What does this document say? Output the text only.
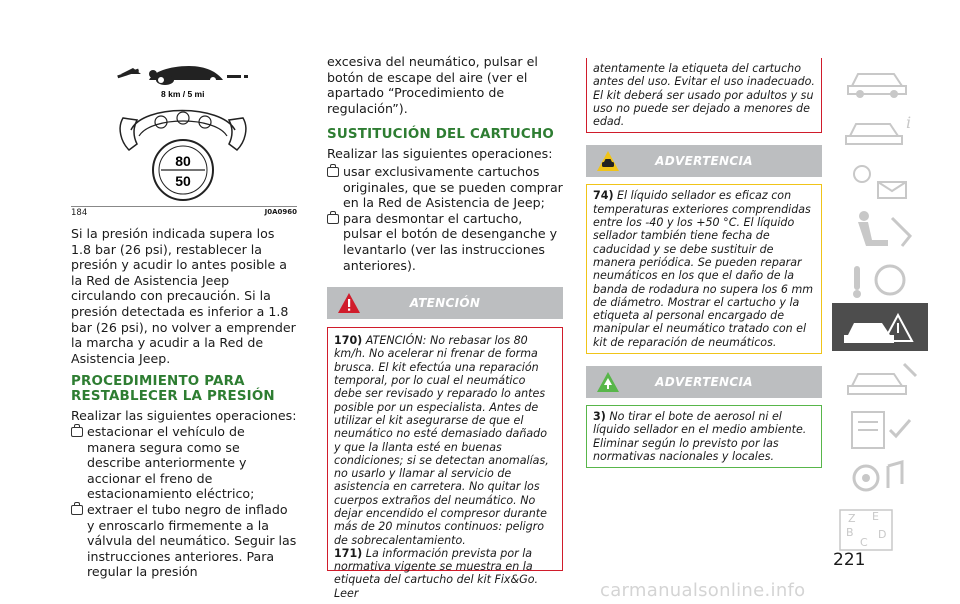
8 km / 5 mi
80
50
184	J0A0960

Si la presión indicada supera los 1.8 bar (26 psi), restablecer la presión y acudir lo antes posible a la Red de Asistencia Jeep circulando con precaución. Si la presión detectada es inferior a 1.8 bar (26 psi), no volver a emprender la marcha y acudir a la Red de Asistencia Jeep.

PROCEDIMIENTO PARA RESTABLECER LA PRESIÓN

Realizar las siguientes operaciones:

estacionar el vehículo de manera segura como se describe anteriormente y accionar el freno de estacionamiento eléctrico;
extraer el tubo negro de inflado y enroscarlo firmemente a la válvula del neumático. Seguir las instrucciones anteriores. Para regular la presión

excesiva del neumático, pulsar el botón de escape del aire (ver el apartado “Procedimiento de regulación”).

SUSTITUCIÓN DEL CARTUCHO

Realizar las siguientes operaciones:

usar exclusivamente cartuchos originales, que se pueden comprar en la Red de Asistencia de Jeep;
para desmontar el cartucho, pulsar el botón de desenganche y levantarlo (ver las instrucciones anteriores).
ATENCIÓN
170) ATENCIÓN: No rebasar los 80 km/h. No acelerar ni frenar de forma brusca. El kit efectúa una reparación temporal, por lo cual el neumático debe ser revisado y reparado lo antes posible por un especialista. Antes de utilizar el kit asegurarse de que el neumático no esté demasiado dañado y que la llanta esté en buenas condiciones; si se detectan anomalías, no usarlo y llamar al servicio de asistencia en carretera. No quitar los cuerpos extraños del neumático. No dejar encendido el compresor durante más de 20 minutos continuos: peligro de sobrecalentamiento.
171) La información prevista por la normativa vigente se muestra en la etiqueta del cartucho del kit Fix&Go. Leer
atentamente la etiqueta del cartucho antes del uso. Evitar el uso inadecuado. El kit deberá ser usado por adultos y su uso no puede ser dejado a menores de edad.
ADVERTENCIA
74) El líquido sellador es eficaz con temperaturas exteriores comprendidas entre los -40 y los +50 °C. El líquido sellador también tiene fecha de caducidad y se debe sustituir de manera periódica. Se pueden reparar neumáticos en los que el daño de la banda de rodadura no supera los 6 mm de diámetro. Mostrar el cartucho y la etiqueta al personal encargado de manipular el neumático tratado con el kit de reparación de neumáticos.
ADVERTENCIA
3) No tirar el bote de aerosol ni el líquido sellador en el medio ambiente. Eliminar según lo previsto por las normativas nacionales y locales.
i
Z E
B
C
D
221
carmanualsonline.info
